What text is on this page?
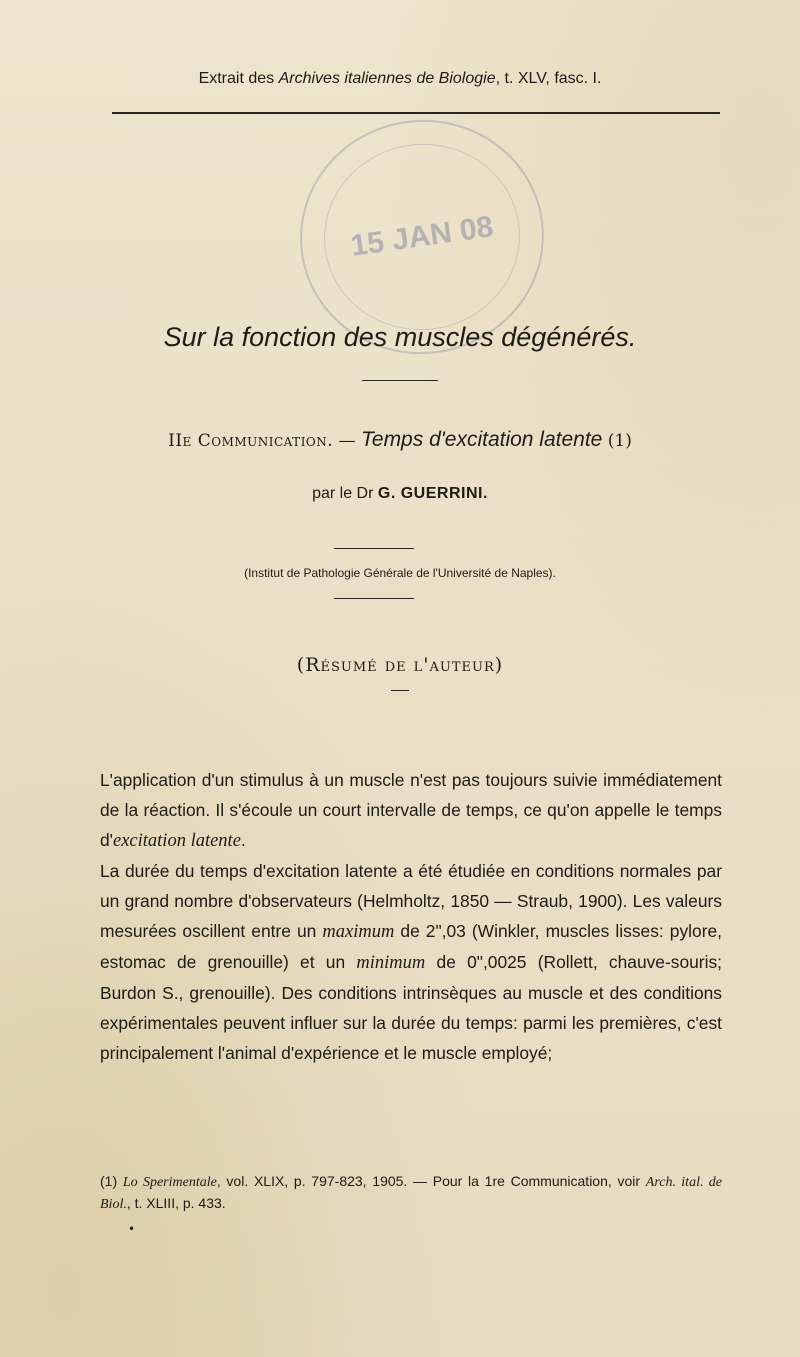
Extrait des Archives italiennes de Biologie, t. XLV, fasc. I.
15 JAN 08
Sur la fonction des muscles dégénérés.
IIe Communication. — Temps d'excitation latente (1)
par le Dr G. GUERRINI.
(Institut de Pathologie Générale de l'Université de Naples).
(Résumé de l'auteur)

L'application d'un stimulus à un muscle n'est pas toujours suivie immédiatement de la réaction. Il s'écoule un court intervalle de temps, ce qu'on appelle le temps d'excitation latente.

La durée du temps d'excitation latente a été étudiée en conditions normales par un grand nombre d'observateurs (Helmholtz, 1850 — Straub, 1900). Les valeurs mesurées oscillent entre un maximum de 2",03 (Winkler, muscles lisses: pylore, estomac de grenouille) et un minimum de 0",0025 (Rollett, chauve-souris; Burdon S., grenouille). Des conditions intrinsèques au muscle et des conditions expérimentales peuvent influer sur la durée du temps: parmi les premières, c'est principalement l'animal d'expérience et le muscle employé;

(1) Lo Sperimentale, vol. XLIX, p. 797-823, 1905. — Pour la 1re Communication, voir Arch. ital. de Biol., t. XLIII, p. 433.
•
